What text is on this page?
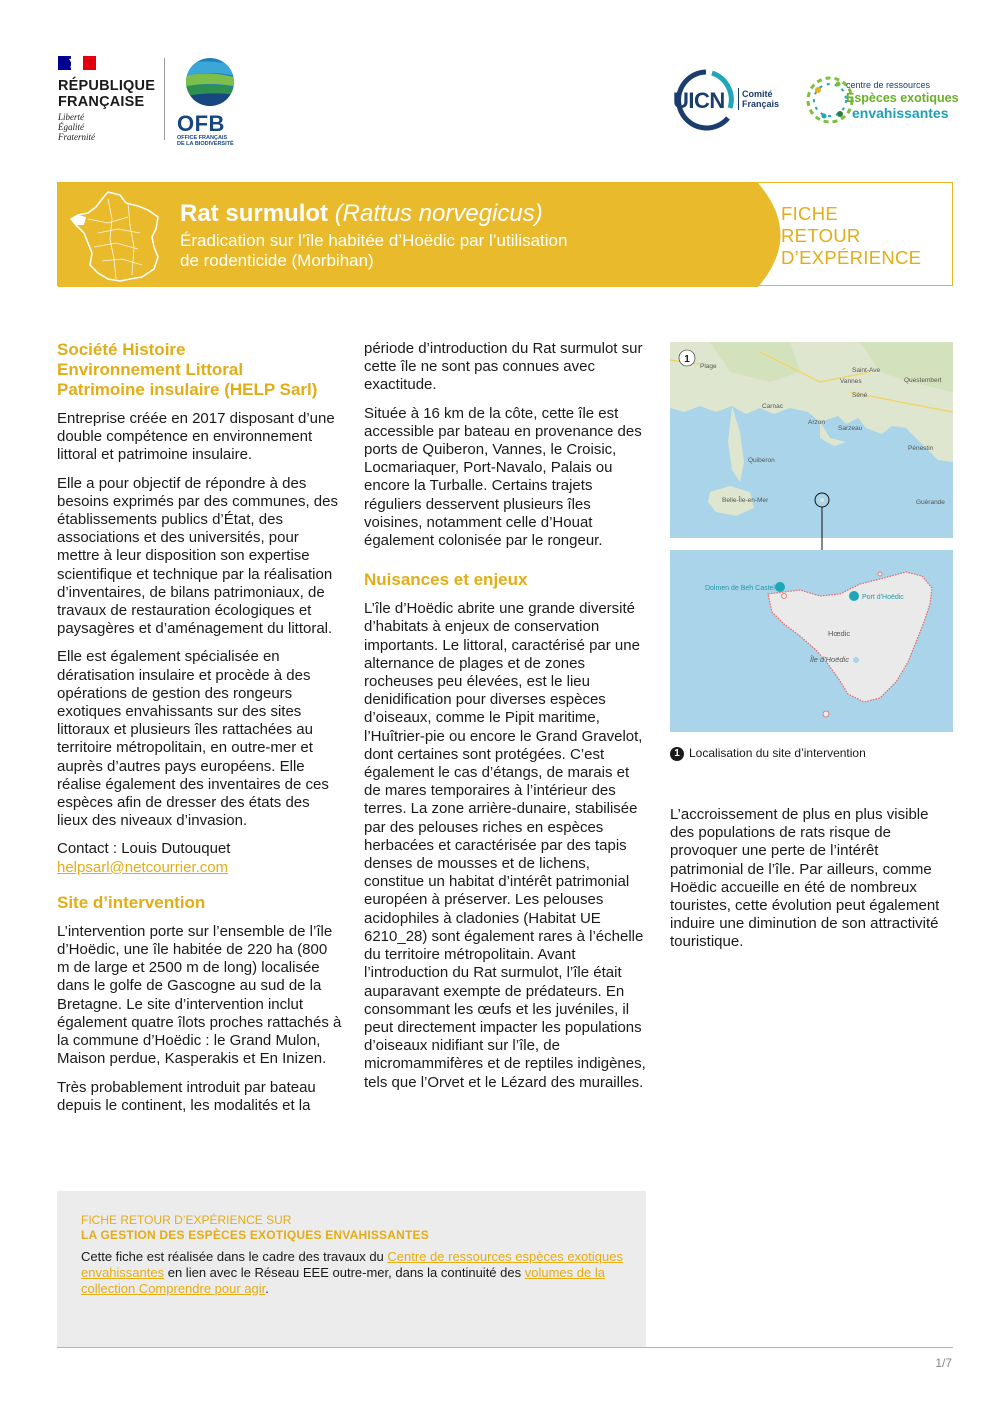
RÉPUBLIQUE
FRANÇAISE
Liberté
Égalité
Fraternité
OFB
OFFICE FRANÇAIS
DE LA BIODIVERSITÉ
UICN Comité
Français
centre de ressources
Espèces exotiques
envahissantes
Rat surmulot (Rattus norvegicus)
Éradication sur l’île habitée d’Hoëdic par l’utilisation
de rodenticide (Morbihan)
FICHE
RETOUR
D’EXPÉRIENCE
Société Histoire
Environnement Littoral
Patrimoine insulaire (HELP Sarl)

Entreprise créée en 2017 disposant d’une double compétence en environnement littoral et patrimoine insulaire.

Elle a pour objectif de répondre à des besoins exprimés par des communes, des établissements publics d’État, des associations et des universités, pour mettre à leur disposition son expertise scientifique et technique par la réalisation d’inventaires, de bilans patrimoniaux, de travaux de restauration écologiques et paysagères et d’aménagement du littoral.

Elle est également spécialisée en dératisation insulaire et procède à des opérations de gestion des rongeurs exotiques envahissants sur des sites littoraux et plusieurs îles rattachées au territoire métropolitain, en outre-mer et auprès d’autres pays européens. Elle réalise également des inventaires de ces espèces afin de dresser des états des lieux des niveaux d’invasion.

Contact : Louis Dutouquet
helpsarl@netcourrier.com

Site d’intervention

L’intervention porte sur l’ensemble de l’île d’Hoëdic, une île habitée de 220 ha (800 m de large et 2500 m de long) localisée dans le golfe de Gascogne au sud de la Bretagne. Le site d’intervention inclut également quatre îlots proches rattachés à la commune d’Hoëdic : le Grand Mulon, Maison perdue, Kasperakis et En Inizen.

Très probablement introduit par bateau depuis le continent, les modalités et la

période d’introduction du Rat surmulot sur cette île ne sont pas connues avec exactitude.

Située à 16 km de la côte, cette île est accessible par bateau en provenance des ports de Quiberon, Vannes, le Croisic, Locmariaquer, Port-Navalo, Palais ou encore la Turballe. Certains trajets réguliers desservent plusieurs îles voisines, notamment celle d’Houat également colonisée par le rongeur.

Nuisances et enjeux

L’île d’Hoëdic abrite une grande diversité d’habitats à enjeux de conservation importants. Le littoral, caractérisé par une alternance de plages et de zones rocheuses peu élevées, est le lieu denidification pour diverses espèces d’oiseaux, comme le Pipit maritime, l’Huîtrier-pie ou encore le Grand Gravelot, dont certaines sont protégées. C’est également le cas d’étangs, de marais et de mares temporaires à l’intérieur des terres. La zone arrière-dunaire, stabilisée par des pelouses riches en espèces herbacées et caractérisée par des tapis denses de mousses et de lichens, constitue un habitat d’intérêt patrimonial européen à préserver. Les pelouses acidophiles à cladonies (Habitat UE 6210_28) sont également rares à l’échelle du territoire métropolitain. Avant l’introduction du Rat surmulot, l’île était auparavant exempte de prédateurs. En consommant les œufs et les juvéniles, il peut directement impacter les populations d’oiseaux nidifiant sur l’île, de micromammifères et de reptiles indigènes, tels que l’Orvet et le Lézard des murailles.

1
Plage
Saint-Ave
Vannes
Séné
Questembert
Carnac
Arzon
Sarzeau
Quiberon
Pénestin
Belle-Île-en-Mer	Guérande
Dolmen de Beh Castel
Port d'Hoëdic
Hœdic
Île d'Hoëdic
1 Localisation du site d’intervention

L’accroissement de plus en plus visible des populations de rats risque de provoquer une perte de l’intérêt patrimonial de l’île. Par ailleurs, comme Hoëdic accueille en été de nombreux touristes, cette évolution peut également induire une diminution de son attractivité touristique.

FICHE RETOUR D’EXPÉRIENCE SUR
LA GESTION DES ESPÈCES EXOTIQUES ENVAHISSANTES
Cette fiche est réalisée dans le cadre des travaux du Centre de ressources espèces exotiques envahissantes en lien avec le Réseau EEE outre-mer, dans la continuité des volumes de la collection Comprendre pour agir.
1/7
